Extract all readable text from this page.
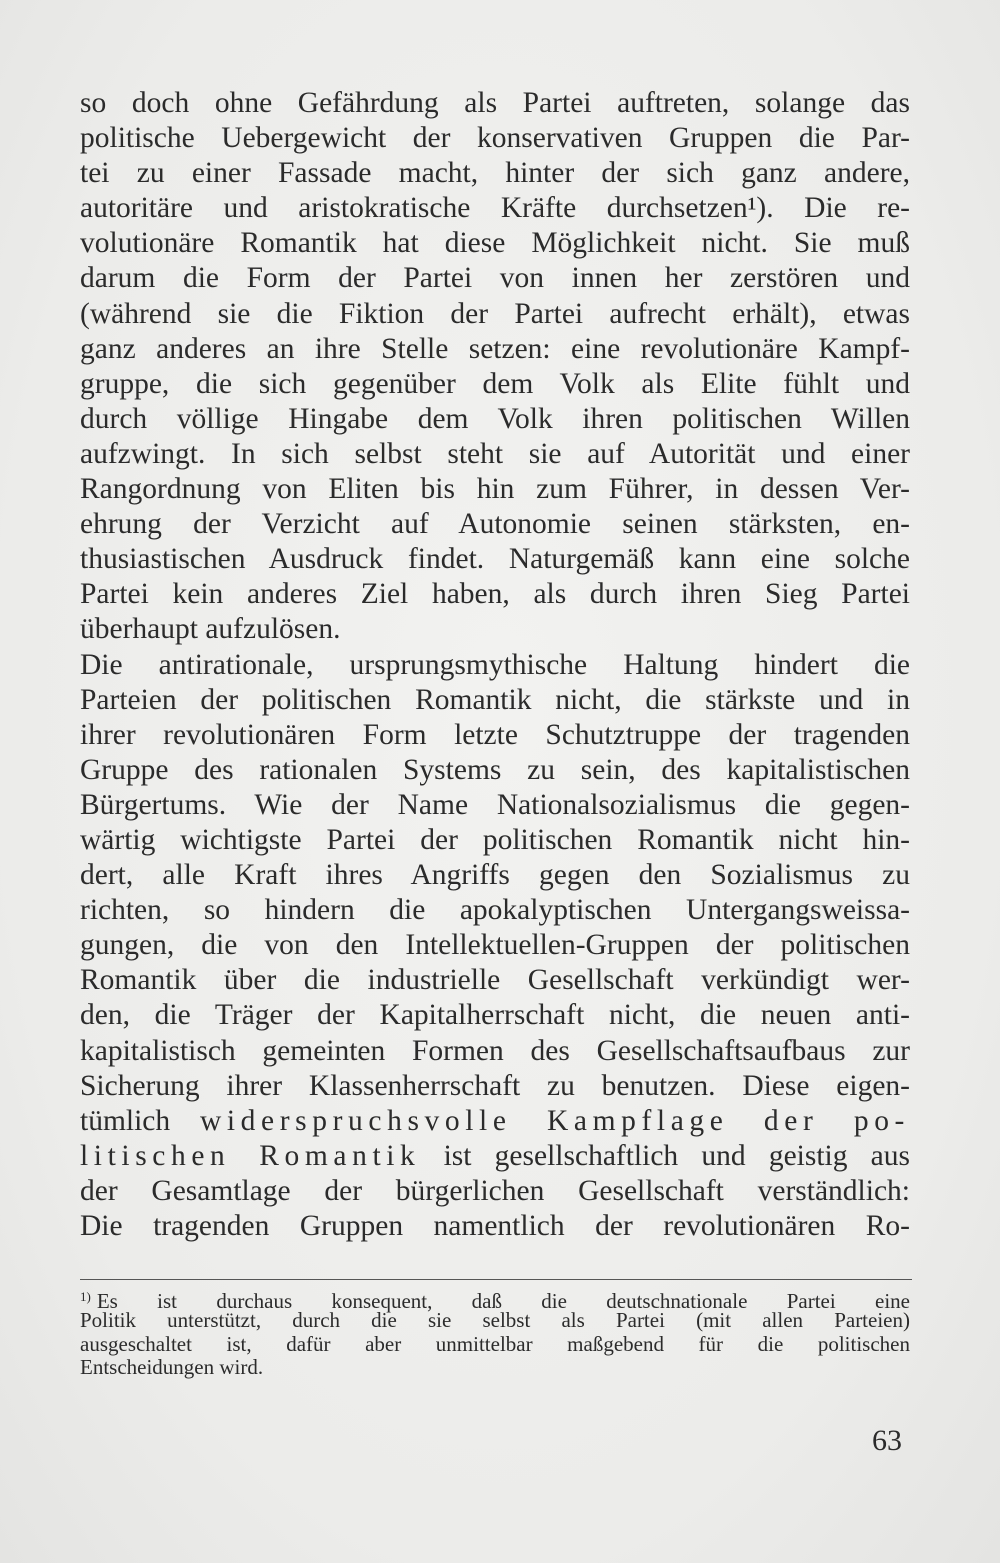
so doch ohne Gefährdung als Partei auftreten, solange das
politische Uebergewicht der konservativen Gruppen die Par-
tei zu einer Fassade macht, hinter der sich ganz andere,
autoritäre und aristokratische Kräfte durchsetzen¹). Die re-
volutionäre Romantik hat diese Möglichkeit nicht. Sie muß
darum die Form der Partei von innen her zerstören und
(während sie die Fiktion der Partei aufrecht erhält), etwas
ganz anderes an ihre Stelle setzen: eine revolutionäre Kampf-
gruppe, die sich gegenüber dem Volk als Elite fühlt und
durch völlige Hingabe dem Volk ihren politischen Willen
aufzwingt. In sich selbst steht sie auf Autorität und einer
Rangordnung von Eliten bis hin zum Führer, in dessen Ver-
ehrung der Verzicht auf Autonomie seinen stärksten, en-
thusiastischen Ausdruck findet. Naturgemäß kann eine solche
Partei kein anderes Ziel haben, als durch ihren Sieg Partei
überhaupt aufzulösen.
Die antirationale, ursprungsmythische Haltung hindert die
Parteien der politischen Romantik nicht, die stärkste und in
ihrer revolutionären Form letzte Schutztruppe der tragenden
Gruppe des rationalen Systems zu sein, des kapitalistischen
Bürgertums. Wie der Name Nationalsozialismus die gegen-
wärtig wichtigste Partei der politischen Romantik nicht hin-
dert, alle Kraft ihres Angriffs gegen den Sozialismus zu
richten, so hindern die apokalyptischen Untergangsweissa-
gungen, die von den Intellektuellen-Gruppen der politischen
Romantik über die industrielle Gesellschaft verkündigt wer-
den, die Träger der Kapitalherrschaft nicht, die neuen anti-
kapitalistisch gemeinten Formen des Gesellschaftsaufbaus zur
Sicherung ihrer Klassenherrschaft zu benutzen. Diese eigen-
tümlich widerspruchsvolle Kampflage der po-
litischen Romantik ist gesellschaftlich und geistig aus
der Gesamtlage der bürgerlichen Gesellschaft verständlich:
Die tragenden Gruppen namentlich der revolutionären Ro-
$^{1)}$ Es ist durchaus konsequent, daß die deutschnationale Partei eine
Politik unterstützt, durch die sie selbst als Partei (mit allen Parteien)
ausgeschaltet ist, dafür aber unmittelbar maßgebend für die politischen
Entscheidungen wird.
63
